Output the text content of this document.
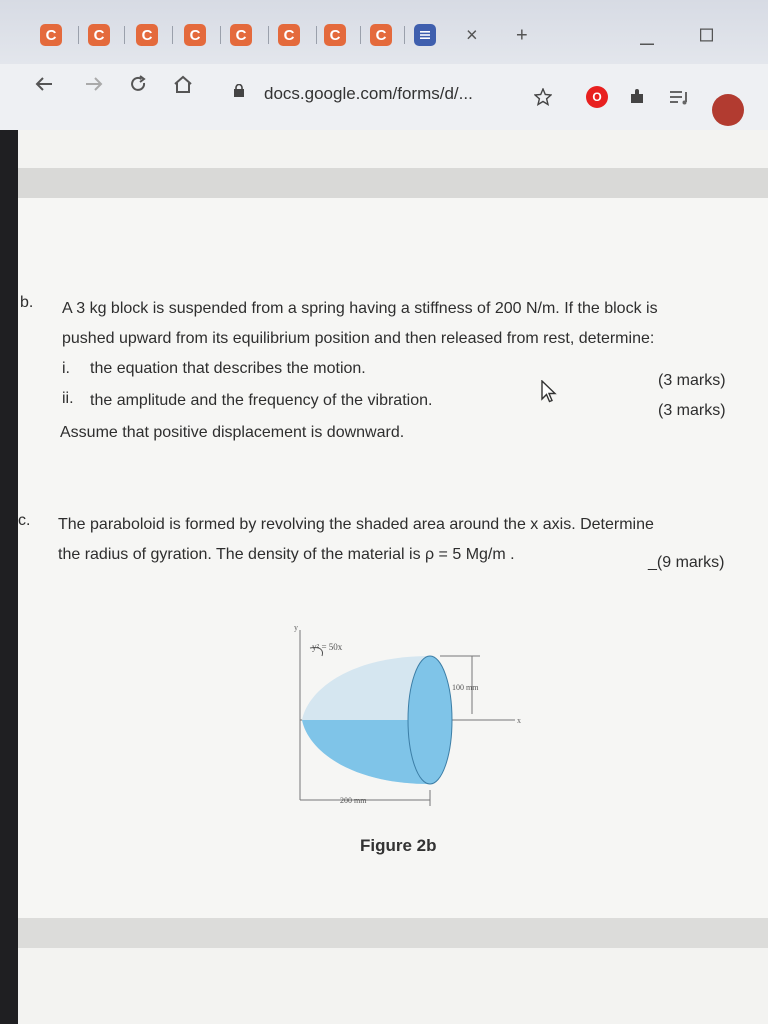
C	C	C	C	C	C	C	C	× +
docs.google.com/forms/d/...	O
b. A 3 kg block is suspended from a spring having a stiffness of 200 N/m. If the block is
pushed upward from its equilibrium position and then released from rest, determine:
i. the equation that describes the motion.
(3 marks)
ii. the amplitude and the frequency of the vibration.
(3 marks)
Assume that positive displacement is downward.
c. The paraboloid is formed by revolving the shaded area around the x axis. Determine
the radius of gyration. The density of the material is ρ = 5 Mg/m .	_(9 marks)
y
x
y² = 50x
100 mm
200 mm
Figure 2b
